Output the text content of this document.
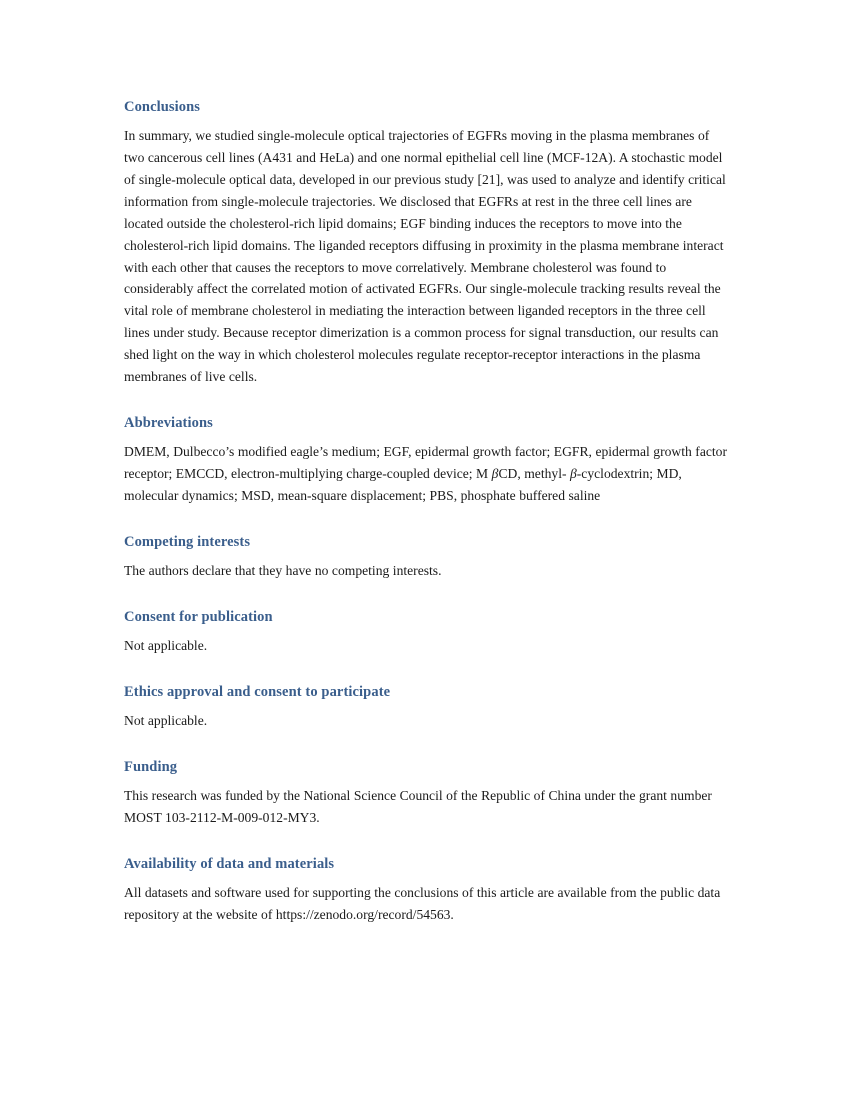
Conclusions

In summary, we studied single-molecule optical trajectories of EGFRs moving in the plasma membranes of two cancerous cell lines (A431 and HeLa) and one normal epithelial cell line (MCF-12A). A stochastic model of single-molecule optical data, developed in our previous study [21], was used to analyze and identify critical information from single-molecule trajectories. We disclosed that EGFRs at rest in the three cell lines are located outside the cholesterol-rich lipid domains; EGF binding induces the receptors to move into the cholesterol-rich lipid domains. The liganded receptors diffusing in proximity in the plasma membrane interact with each other that causes the receptors to move correlatively. Membrane cholesterol was found to considerably affect the correlated motion of activated EGFRs. Our single-molecule tracking results reveal the vital role of membrane cholesterol in mediating the interaction between liganded receptors in the three cell lines under study. Because receptor dimerization is a common process for signal transduction, our results can shed light on the way in which cholesterol molecules regulate receptor-receptor interactions in the plasma membranes of live cells.

Abbreviations

DMEM, Dulbecco’s modified eagle’s medium; EGF, epidermal growth factor; EGFR, epidermal growth factor receptor; EMCCD, electron-multiplying charge-coupled device; M βCD, methyl- β-cyclodextrin; MD, molecular dynamics; MSD, mean-square displacement; PBS, phosphate buffered saline

Competing interests

The authors declare that they have no competing interests.

Consent for publication

Not applicable.

Ethics approval and consent to participate

Not applicable.

Funding

This research was funded by the National Science Council of the Republic of China under the grant number MOST 103-2112-M-009-012-MY3.

Availability of data and materials

All datasets and software used for supporting the conclusions of this article are available from the public data repository at the website of https://zenodo.org/record/54563.
